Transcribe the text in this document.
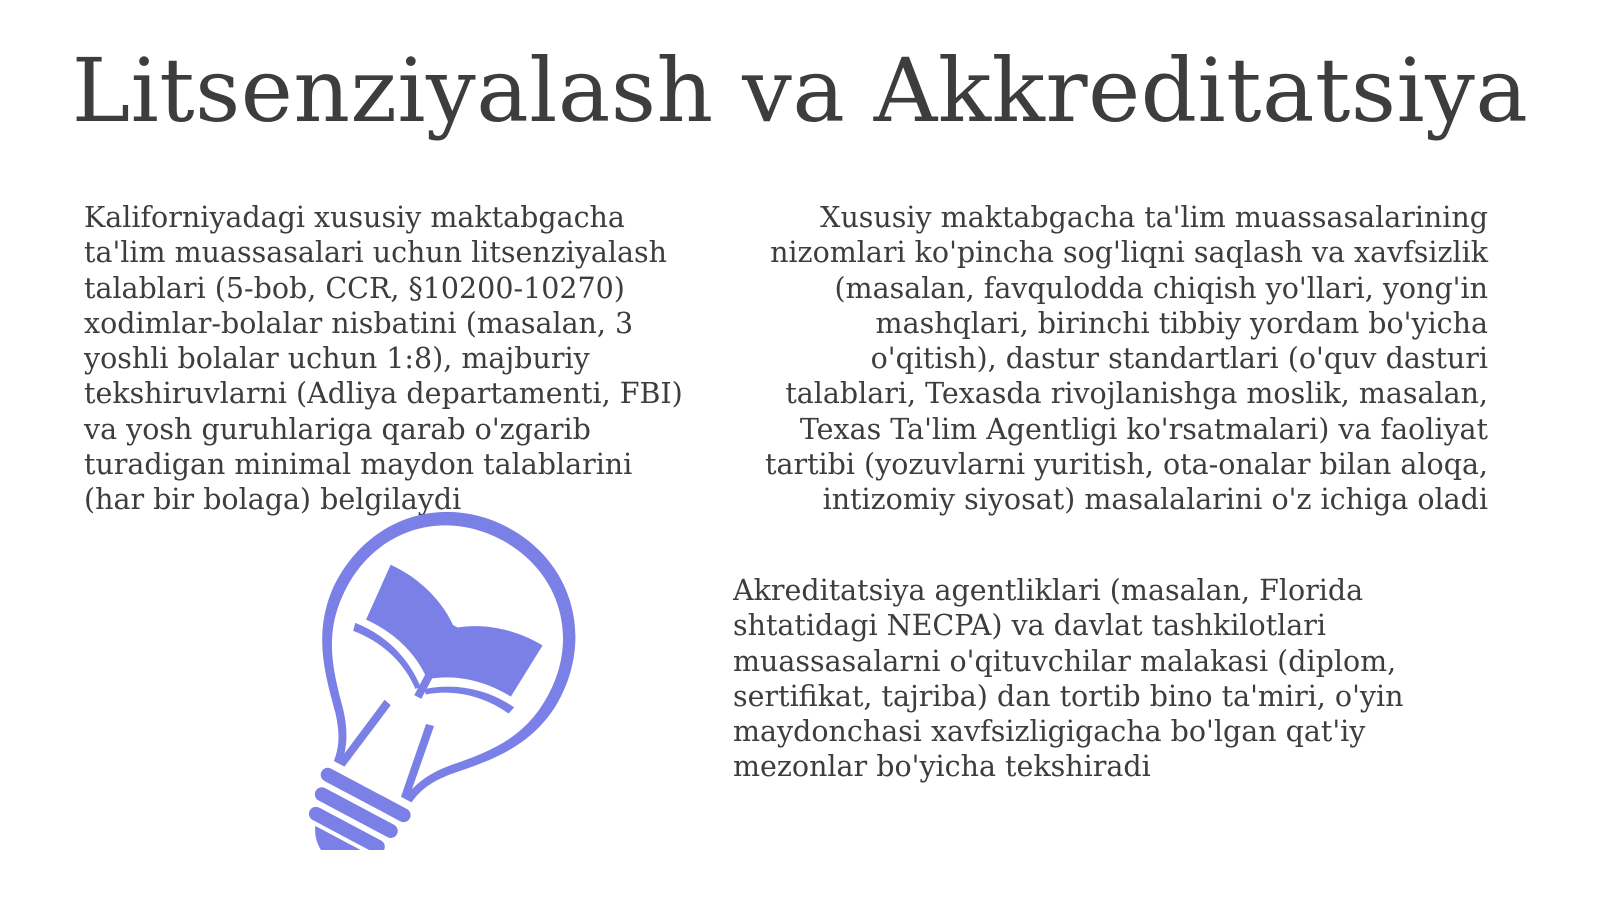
Litsenziyalash va Akkreditatsiya

Kaliforniyadagi xususiy maktabgacha ta'lim muassasalari uchun litsenziyalash talablari (5-bob, CCR, §10200-10270) xodimlar-bolalar nisbatini (masalan, 3 yoshli bolalar uchun 1:8), majburiy tekshiruvlarni (Adliya departamenti, FBI) va yosh guruhlariga qarab o'zgarib turadigan minimal maydon talablarini (har bir bolaga) belgilaydi

Xususiy maktabgacha ta'lim muassasalarining nizomlari ko'pincha sog'liqni saqlash va xavfsizlik (masalan, favqulodda chiqish yo'llari, yong'in mashqlari, birinchi tibbiy yordam bo'yicha o'qitish), dastur standartlari (o'quv dasturi talablari, Texasda rivojlanishga moslik, masalan, Texas Ta'lim Agentligi ko'rsatmalari) va faoliyat tartibi (yozuvlarni yuritish, ota-onalar bilan aloqa, intizomiy siyosat) masalalarini o'z ichiga oladi

Akreditatsiya agentliklari (masalan, Florida shtatidagi NECPA) va davlat tashkilotlari muassasalarni o'qituvchilar malakasi (diplom, sertifikat, tajriba) dan tortib bino ta'miri, o'yin maydonchasi xavfsizligigacha bo'lgan qat'iy mezonlar bo'yicha tekshiradi
